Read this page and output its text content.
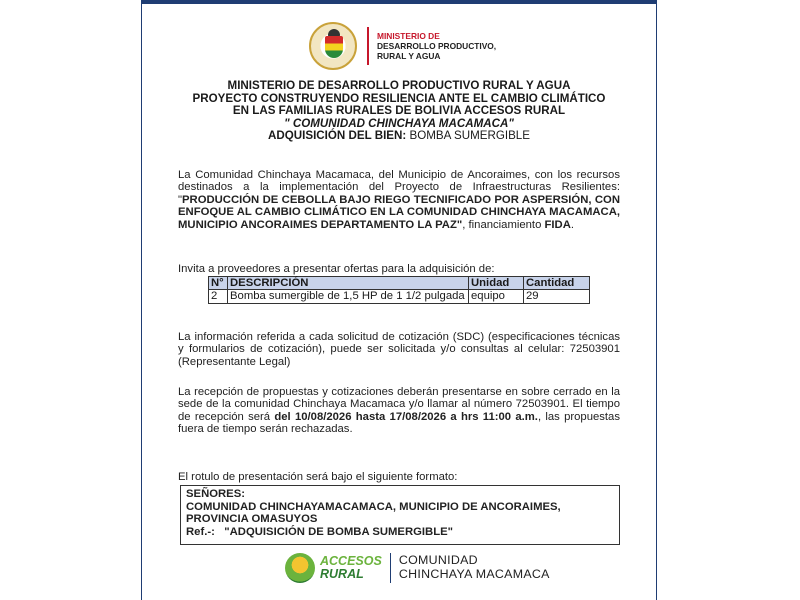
MINISTERIO DE
DESARROLLO PRODUCTIVO,
RURAL Y AGUA
MINISTERIO DE DESARROLLO PRODUCTIVO RURAL Y AGUA
PROYECTO CONSTRUYENDO RESILIENCIA ANTE EL CAMBIO CLIMÁTICO
EN LAS FAMILIAS RURALES DE BOLIVIA ACCESOS RURAL
" COMUNIDAD CHINCHAYA MACAMACA"
ADQUISICIÓN DEL BIEN: BOMBA SUMERGIBLE
La Comunidad Chinchaya Macamaca, del Municipio de Ancoraimes, con los recursos destinados a la implementación del Proyecto de Infraestructuras Resilientes: "PRODUCCIÓN DE CEBOLLA BAJO RIEGO TECNIFICADO POR ASPERSIÓN, CON ENFOQUE AL CAMBIO CLIMÁTICO EN LA COMUNIDAD CHINCHAYA MACAMACA, MUNICIPIO ANCORAIMES DEPARTAMENTO LA PAZ", financiamiento FIDA.
Invita a proveedores a presentar ofertas para la adquisición de:
N°	DESCRIPCIÓN	Unidad	Cantidad
2	Bomba sumergible de 1,5 HP de 1 1/2 pulgada	equipo	29
La información referida a cada solicitud de cotización (SDC) (especificaciones técnicas y formularios de cotización), puede ser solicitada y/o consultas al celular: 72503901 (Representante Legal)
La recepción de propuestas y cotizaciones deberán presentarse en sobre cerrado en la sede de la comunidad Chinchaya Macamaca y/o llamar al número 72503901. El tiempo de recepción será del 10/08/2026 hasta 17/08/2026 a hrs 11:00 a.m., las propuestas fuera de tiempo serán rechazadas.
El rotulo de presentación será bajo el siguiente formato:
SEÑORES:
COMUNIDAD CHINCHAYAMACAMACA, MUNICIPIO DE ANCORAIMES,
PROVINCIA OMASUYOS
Ref.-:   "ADQUISICIÓN DE BOMBA SUMERGIBLE"
ACCESOS
RURAL
COMUNIDAD
CHINCHAYA MACAMACA
